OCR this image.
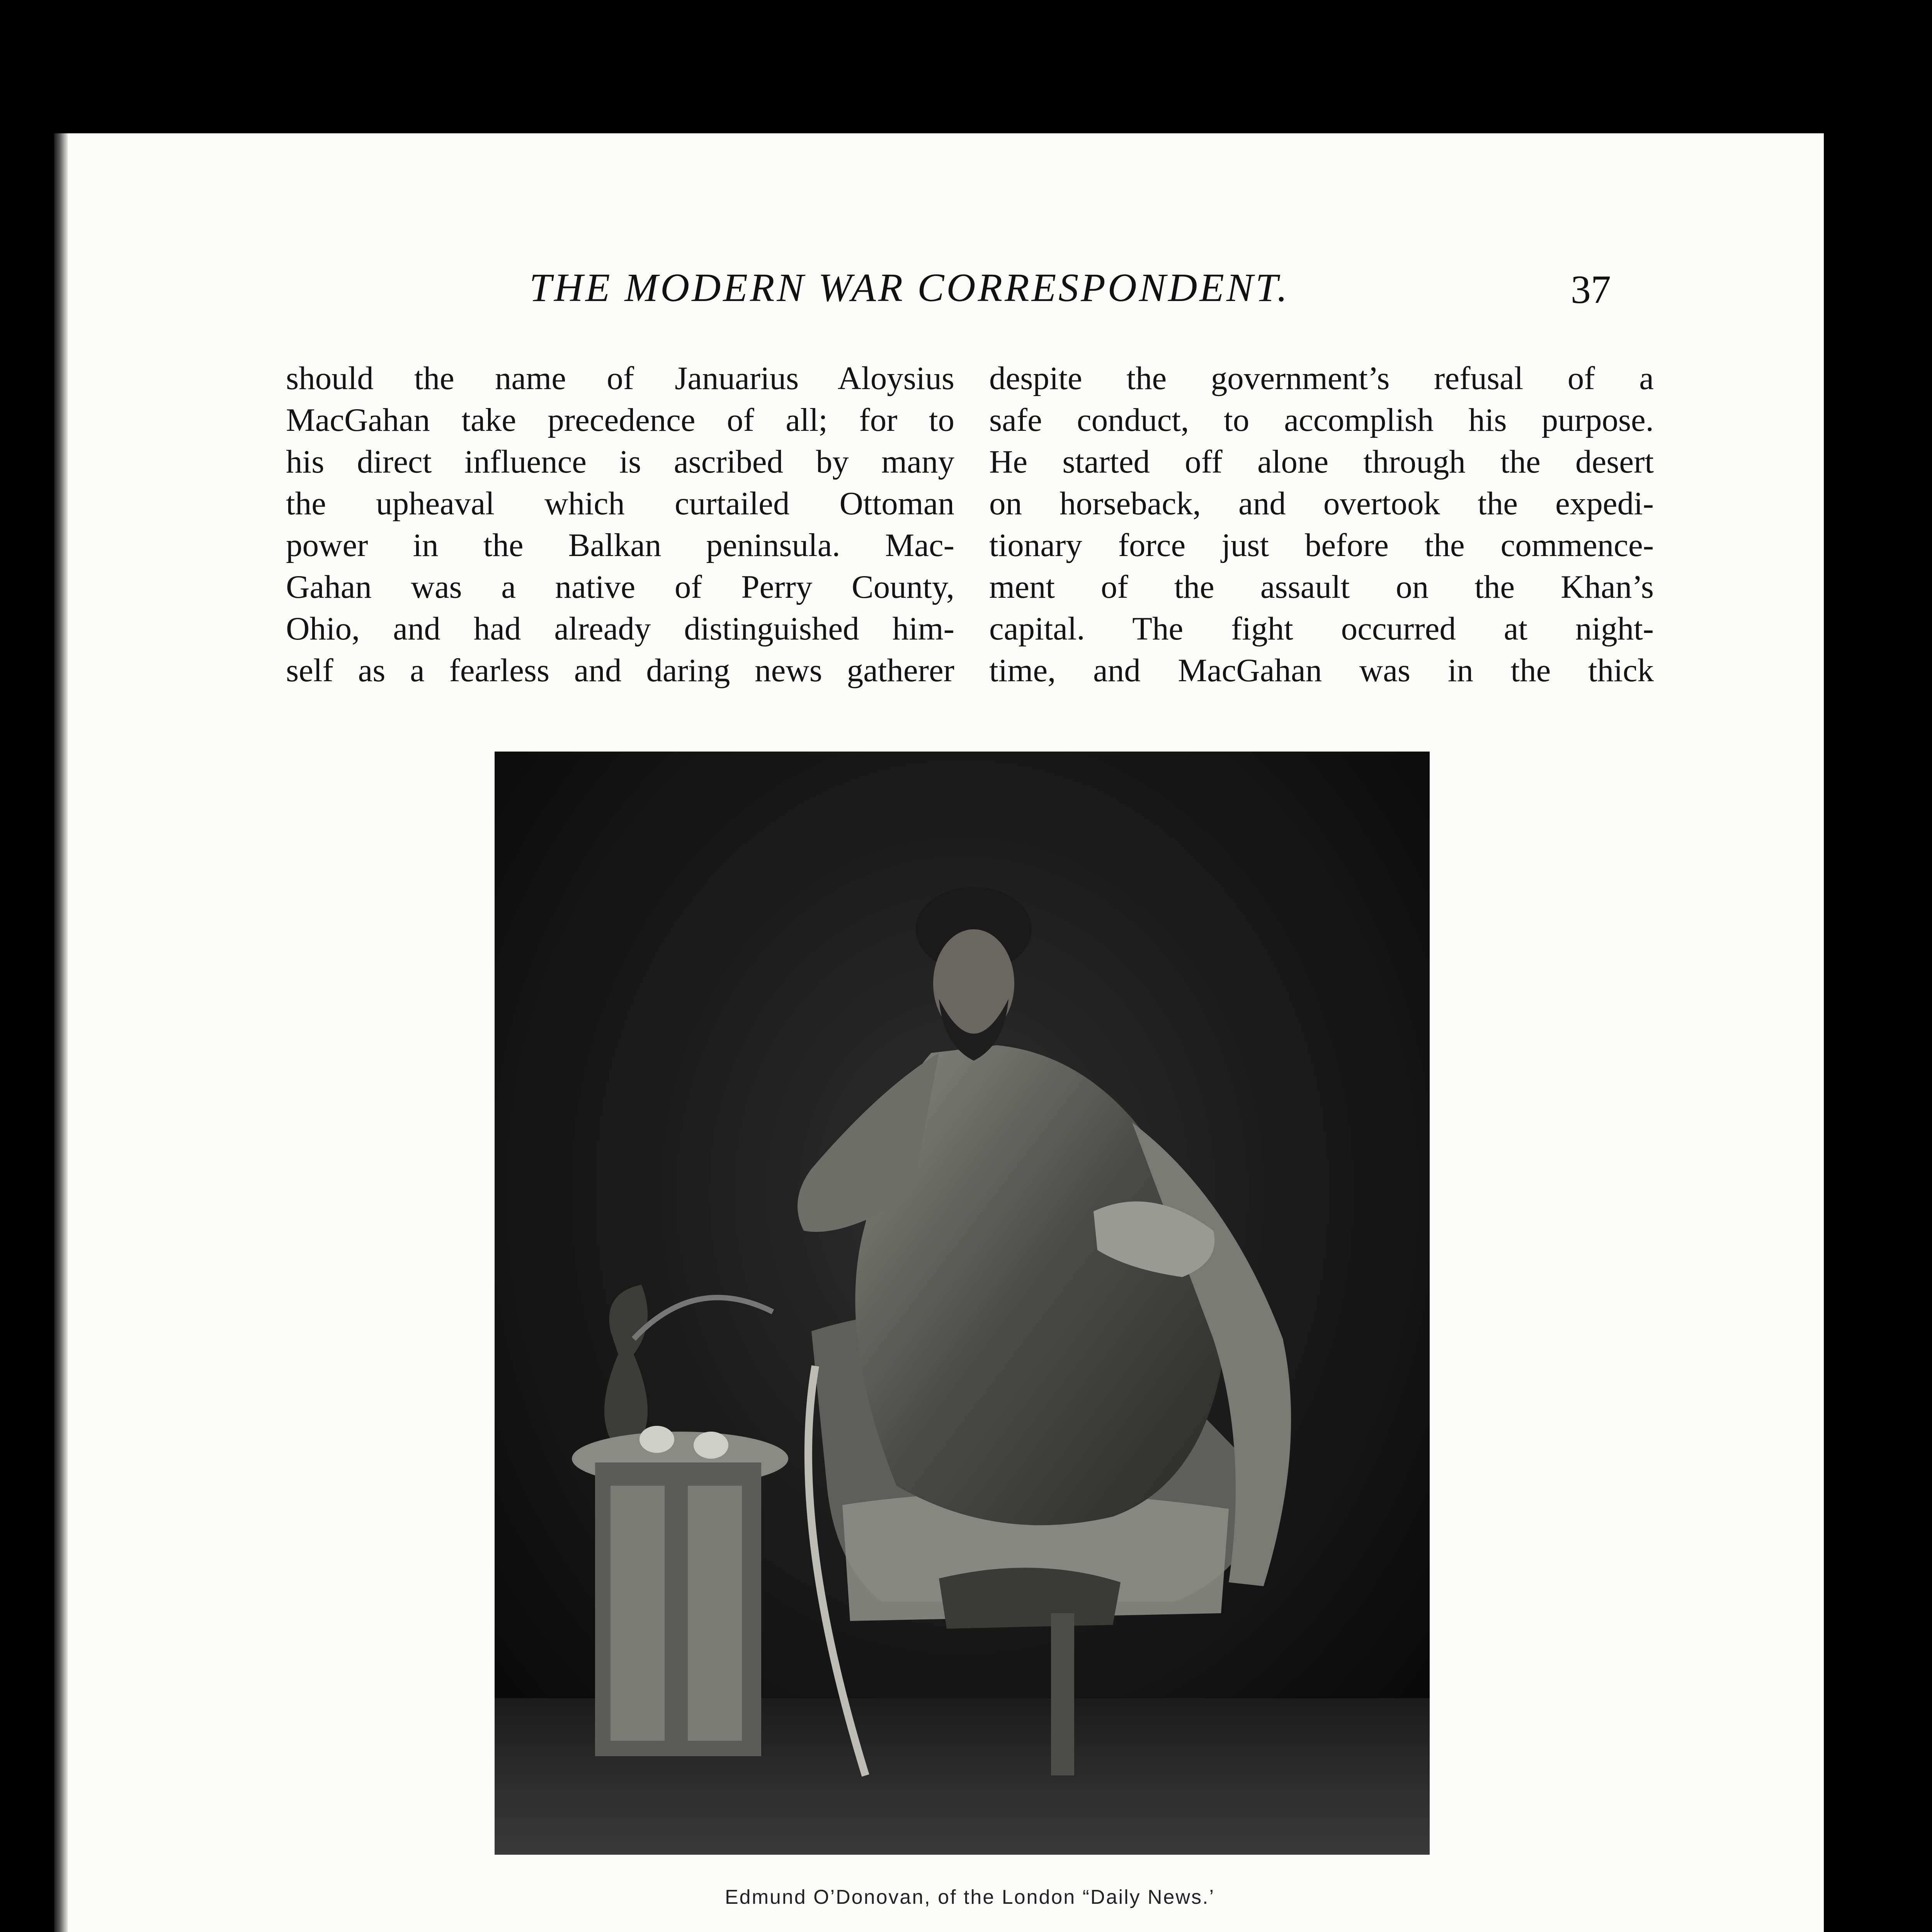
THE MODERN WAR CORRESPONDENT.	37
should the name of Januarius Aloysius
MacGahan take precedence of all; for to
his direct influence is ascribed by many
the upheaval which curtailed Ottoman
power in the Balkan peninsula. Mac-
Gahan was a native of Perry County,
Ohio, and had already distinguished him-
self as a fearless and daring news gatherer
despite the government’s refusal of a
safe conduct, to accomplish his purpose.
He started off alone through the desert
on horseback, and overtook the expedi-
tionary force just before the commence-
ment of the assault on the Khan’s
capital. The fight occurred at night-
time, and MacGahan was in the thick
Edmund O’Donovan, of the London “Daily News.’
